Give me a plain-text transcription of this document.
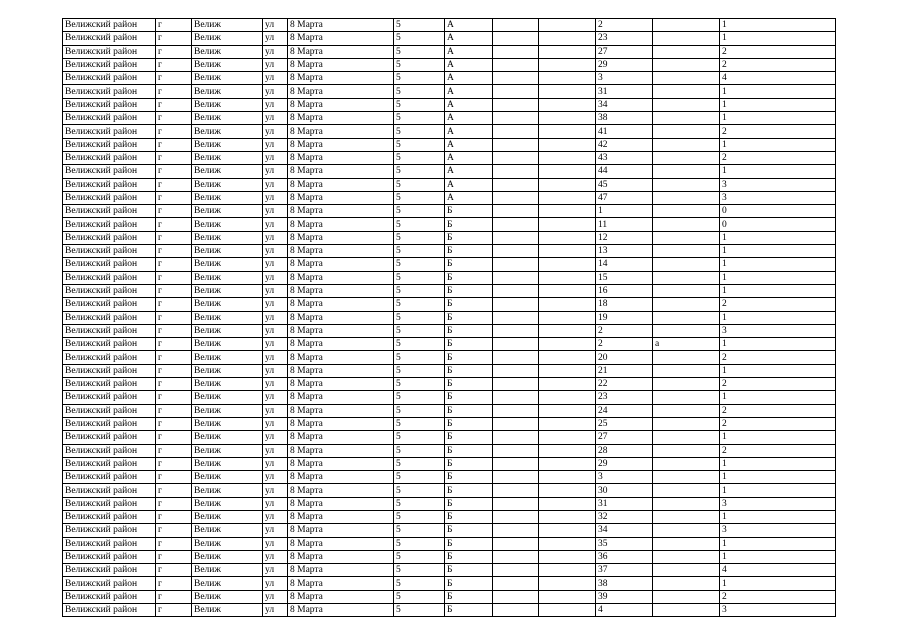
Велижский район	г	Велиж	ул	8 Марта	5	А			2		1
Велижский район	г	Велиж	ул	8 Марта	5	А			23		1
Велижский район	г	Велиж	ул	8 Марта	5	А			27		2
Велижский район	г	Велиж	ул	8 Марта	5	А			29		2
Велижский район	г	Велиж	ул	8 Марта	5	А			3		4
Велижский район	г	Велиж	ул	8 Марта	5	А			31		1
Велижский район	г	Велиж	ул	8 Марта	5	А			34		1
Велижский район	г	Велиж	ул	8 Марта	5	А			38		1
Велижский район	г	Велиж	ул	8 Марта	5	А			41		2
Велижский район	г	Велиж	ул	8 Марта	5	А			42		1
Велижский район	г	Велиж	ул	8 Марта	5	А			43		2
Велижский район	г	Велиж	ул	8 Марта	5	А			44		1
Велижский район	г	Велиж	ул	8 Марта	5	А			45		3
Велижский район	г	Велиж	ул	8 Марта	5	А			47		3
Велижский район	г	Велиж	ул	8 Марта	5	Б			1		0
Велижский район	г	Велиж	ул	8 Марта	5	Б			11		0
Велижский район	г	Велиж	ул	8 Марта	5	Б			12		1
Велижский район	г	Велиж	ул	8 Марта	5	Б			13		1
Велижский район	г	Велиж	ул	8 Марта	5	Б			14		1
Велижский район	г	Велиж	ул	8 Марта	5	Б			15		1
Велижский район	г	Велиж	ул	8 Марта	5	Б			16		1
Велижский район	г	Велиж	ул	8 Марта	5	Б			18		2
Велижский район	г	Велиж	ул	8 Марта	5	Б			19		1
Велижский район	г	Велиж	ул	8 Марта	5	Б			2		3
Велижский район	г	Велиж	ул	8 Марта	5	Б			2	а	1
Велижский район	г	Велиж	ул	8 Марта	5	Б			20		2
Велижский район	г	Велиж	ул	8 Марта	5	Б			21		1
Велижский район	г	Велиж	ул	8 Марта	5	Б			22		2
Велижский район	г	Велиж	ул	8 Марта	5	Б			23		1
Велижский район	г	Велиж	ул	8 Марта	5	Б			24		2
Велижский район	г	Велиж	ул	8 Марта	5	Б			25		2
Велижский район	г	Велиж	ул	8 Марта	5	Б			27		1
Велижский район	г	Велиж	ул	8 Марта	5	Б			28		2
Велижский район	г	Велиж	ул	8 Марта	5	Б			29		1
Велижский район	г	Велиж	ул	8 Марта	5	Б			3		1
Велижский район	г	Велиж	ул	8 Марта	5	Б			30		1
Велижский район	г	Велиж	ул	8 Марта	5	Б			31		3
Велижский район	г	Велиж	ул	8 Марта	5	Б			32		1
Велижский район	г	Велиж	ул	8 Марта	5	Б			34		3
Велижский район	г	Велиж	ул	8 Марта	5	Б			35		1
Велижский район	г	Велиж	ул	8 Марта	5	Б			36		1
Велижский район	г	Велиж	ул	8 Марта	5	Б			37		4
Велижский район	г	Велиж	ул	8 Марта	5	Б			38		1
Велижский район	г	Велиж	ул	8 Марта	5	Б			39		2
Велижский район	г	Велиж	ул	8 Марта	5	Б			4		3
